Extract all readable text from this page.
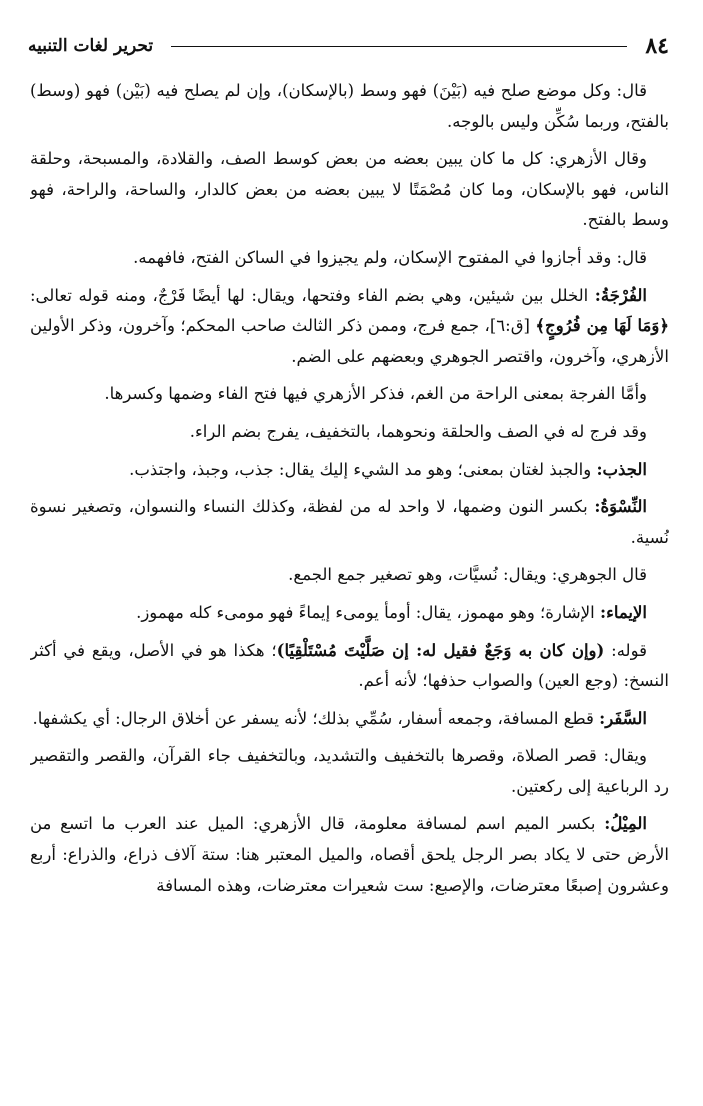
٨٤
تحرير لغات التنبيه

قال: وكل موضع صلح فيه (بَيْنَ) فهو وسط (بالإسكان)، وإن لم يصلح فيه (بَيْن) فهو (وسط) بالفتح، وربما سُكِّن وليس بالوجه.

وقال الأزهري: كل ما كان يبين بعضه من بعض كوسط الصف، والقلادة، والمسبحة، وحلقة الناس، فهو بالإسكان، وما كان مُصْمَتًا لا يبين بعضه من بعض كالدار، والساحة، والراحة، فهو وسط بالفتح.

قال: وقد أجازوا في المفتوح الإسكان، ولم يجيزوا في الساكن الفتح، فافهمه.

الفُرْجَةُ: الخلل بين شيئين، وهي بضم الفاء وفتحها، ويقال: لها أيضًا فَرْجٌ، ومنه قوله تعالى: ﴿وَمَا لَهَا مِن فُرُوجٍ﴾ [ق:٦]، جمع فرج، وممن ذكر الثالث صاحب المحكم؛ وآخرون، وذكر الأولين الأزهري، وآخرون، واقتصر الجوهري وبعضهم على الضم.

وأمَّا الفرجة بمعنى الراحة من الغم، فذكر الأزهري فيها فتح الفاء وضمها وكسرها.

وقد فرج له في الصف والحلقة ونحوهما، بالتخفيف، يفرج بضم الراء.

الجذب: والجبذ لغتان بمعنى؛ وهو مد الشيء إليك يقال: جذب، وجبذ، واجتذب.

النِّسْوَةُ: بكسر النون وضمها، لا واحد له من لفظة، وكذلك النساء والنسوان، وتصغير نسوة نُسية.

قال الجوهري: ويقال: نُسيَّات، وهو تصغير جمع الجمع.

الإيماء: الإشارة؛ وهو مهموز، يقال: أومأ يومىء إيماءً فهو مومىء كله مهموز.

قوله: (وإن كان به وَجَعٌ فقيل له: إن صَلَّيْتَ مُسْتَلْقِيًا)؛ هكذا هو في الأصل، ويقع في أكثر النسخ: (وجع العين) والصواب حذفها؛ لأنه أعم.

السَّفَر: قطع المسافة، وجمعه أسفار، سُمِّي بذلك؛ لأنه يسفر عن أخلاق الرجال: أي يكشفها.

ويقال: قصر الصلاة، وقصرها بالتخفيف والتشديد، وبالتخفيف جاء القرآن، والقصر والتقصير رد الرباعية إلى ركعتين.

المِيْلُ: بكسر الميم اسم لمسافة معلومة، قال الأزهري: الميل عند العرب ما اتسع من الأرض حتى لا يكاد بصر الرجل يلحق أقصاه، والميل المعتبر هنا: ستة آلاف ذراع، والذراع: أربع وعشرون إصبعًا معترضات، والإصبع: ست شعيرات معترضات، وهذه المسافة
